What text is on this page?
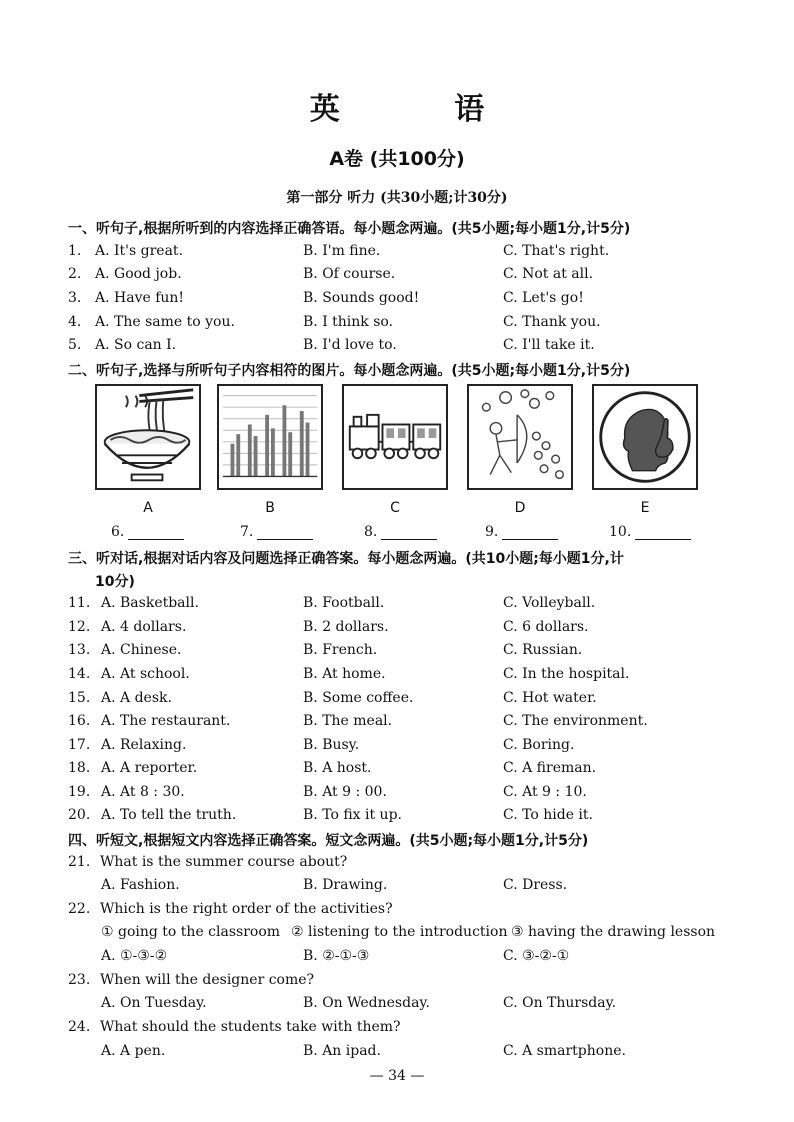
英 语
A卷 (共100分)
第一部分 听力 (共30小题;计30分)
一、听句子,根据所听到的内容选择正确答语。每小题念两遍。(共5小题;每小题1分,计5分)
1. A. It's great.	B. I'm fine.	C. That's right.
2. A. Good job.	B. Of course.	C. Not at all.
3. A. Have fun!	B. Sounds good!	C. Let's go!
4. A. The same to you.	B. I think so.	C. Thank you.
5. A. So can I.	B. I'd love to.	C. I'll take it.
二、听句子,选择与所听句子内容相符的图片。每小题念两遍。(共5小题;每小题1分,计5分)
A	B	C	D	E
6.	7.	8.	9.	10.
三、听对话,根据对话内容及问题选择正确答案。每小题念两遍。(共10小题;每小题1分,计
10分)
11. A. Basketball.	B. Football.	C. Volleyball.
12. A. 4 dollars.	B. 2 dollars.	C. 6 dollars.
13. A. Chinese.	B. French.	C. Russian.
14. A. At school.	B. At home.	C. In the hospital.
15. A. A desk.	B. Some coffee.	C. Hot water.
16. A. The restaurant.	B. The meal.	C. The environment.
17. A. Relaxing.	B. Busy.	C. Boring.
18. A. A reporter.	B. A host.	C. A fireman.
19. A. At 8 : 30.	B. At 9 : 00.	C. At 9 : 10.
20. A. To tell the truth.	B. To fix it up.	C. To hide it.
四、听短文,根据短文内容选择正确答案。短文念两遍。(共5小题;每小题1分,计5分)
21. What is the summer course about?
A. Fashion.	B. Drawing.	C. Dress.
22. Which is the right order of the activities?
① going to the classroom ② listening to the introduction ③ having the drawing lesson
A. ①-③-②	B. ②-①-③	C. ③-②-①
23. When will the designer come?
A. On Tuesday.	B. On Wednesday.	C. On Thursday.
24. What should the students take with them?
A. A pen.	B. An ipad.	C. A smartphone.
— 34 —
